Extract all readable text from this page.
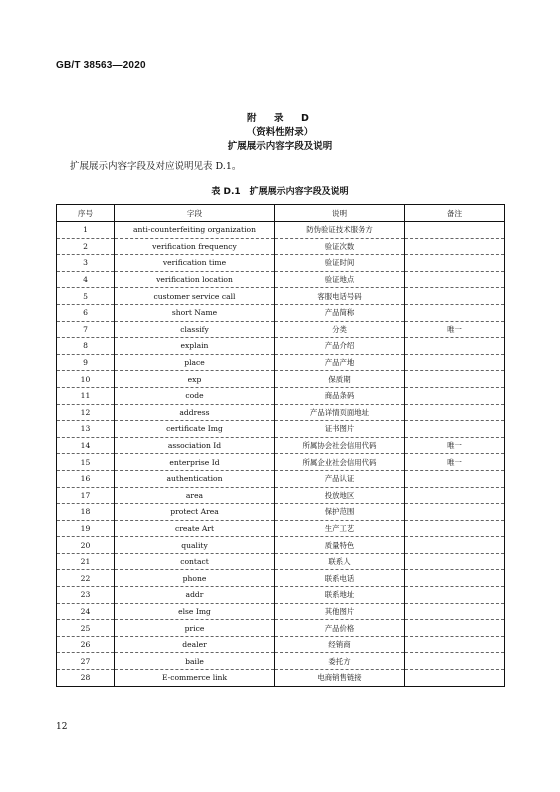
GB/T 38563—2020
附　录　D
（资料性附录）
扩展展示内容字段及说明
扩展展示内容字段及对应说明见表 D.1。
表 D.1　扩展展示内容字段及说明
序号	字段	说明	备注
1	anti-counterfeiting organization	防伪验证技术服务方	
2	verification frequency	验证次数	
3	verification time	验证时间	
4	verification location	验证地点	
5	customer service call	客服电话号码	
6	short Name	产品简称	
7	classify	分类	唯一
8	explain	产品介绍	
9	place	产品产地	
10	exp	保质期	
11	code	商品条码	
12	address	产品详情页面地址	
13	certificate Img	证书图片	
14	association Id	所属协会社会信用代码	唯一
15	enterprise Id	所属企业社会信用代码	唯一
16	authentication	产品认证	
17	area	投放地区	
18	protect Area	保护范围	
19	create Art	生产工艺	
20	quality	质量特色	
21	contact	联系人	
22	phone	联系电话	
23	addr	联系地址	
24	else Img	其他图片	
25	price	产品价格	
26	dealer	经销商	
27	baile	委托方	
28	E-commerce link	电商销售链接	
12
